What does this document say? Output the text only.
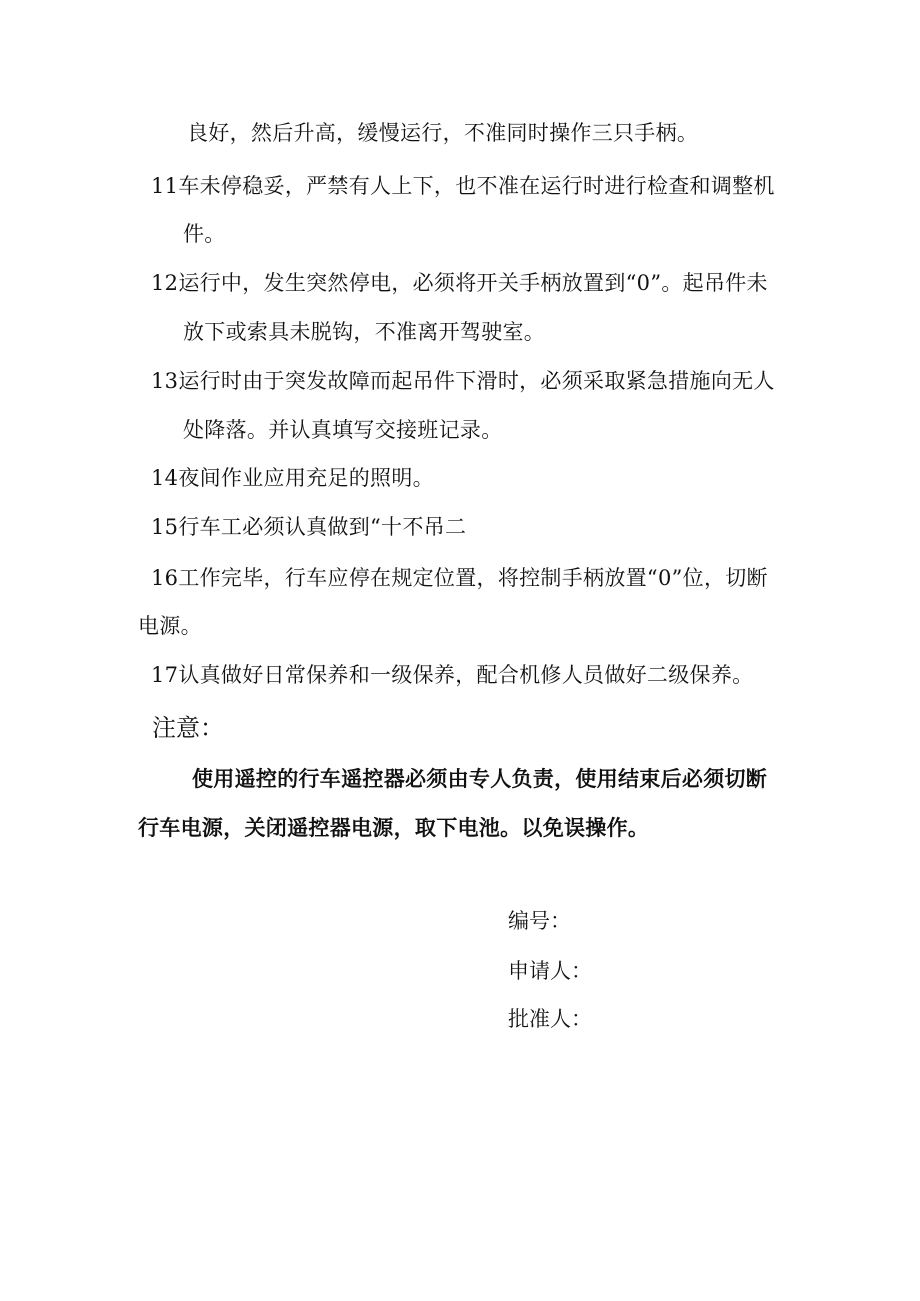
良好，然后升高，缓慢运行，不准同时操作三只手柄。
11车未停稳妥，严禁有人上下，也不准在运行时进行检查和调整机
件。
12运行中，发生突然停电，必须将开关手柄放置到“0”。起吊件未
放下或索具未脱钩，不准离开驾驶室。
13运行时由于突发故障而起吊件下滑时，必须采取紧急措施向无人
处降落。并认真填写交接班记录。
14夜间作业应用充足的照明。
15行车工必须认真做到“十不吊二
16工作完毕，行车应停在规定位置，将控制手柄放置“0”位，切断
电源。
17认真做好日常保养和一级保养，配合机修人员做好二级保养。
注意：
使用遥控的行车遥控器必须由专人负责，使用结束后必须切断
行车电源，关闭遥控器电源，取下电池。以免误操作。
编号：
申请人：
批准人：
